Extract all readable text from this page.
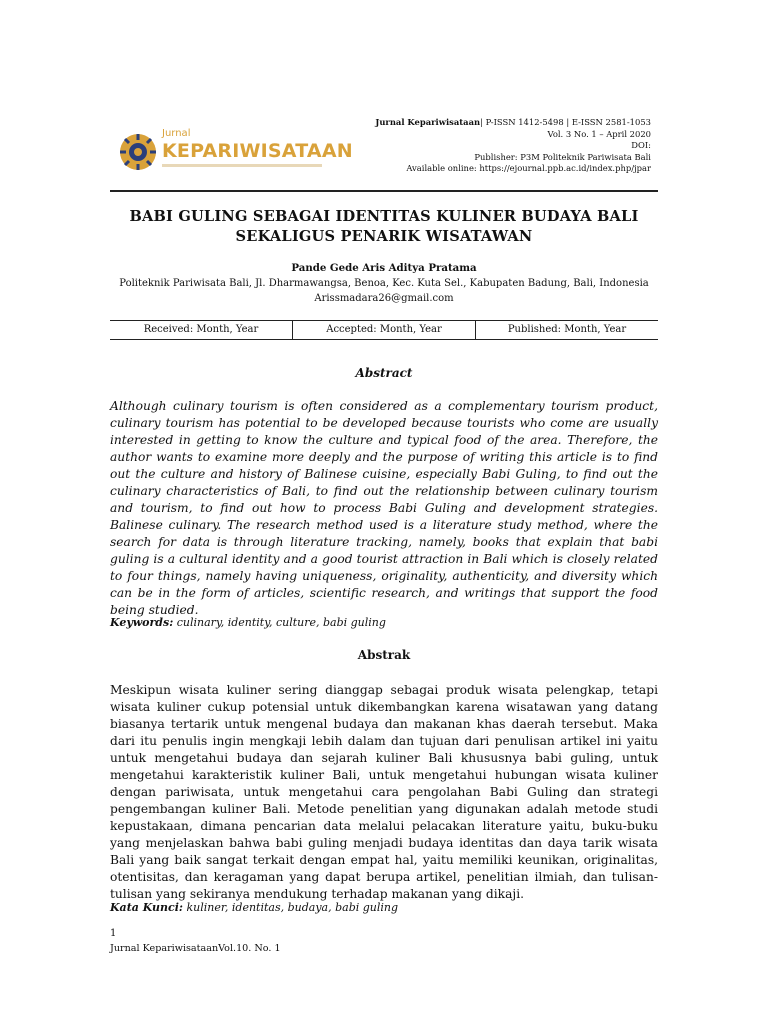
Jurnal
KEPARIWISATAAN
Jurnal Kepariwisataan| P-ISSN 1412-5498 | E-ISSN 2581-1053
Vol. 3 No. 1 – April 2020
DOI:
Publisher: P3M Politeknik Pariwisata Bali
Available online: https://ejournal.ppb.ac.id/index.php/jpar
BABI GULING SEBAGAI IDENTITAS KULINER BUDAYA BALI
SEKALIGUS PENARIK WISATAWAN
Pande Gede Aris Aditya Pratama
Politeknik Pariwisata Bali, Jl. Dharmawangsa, Benoa, Kec. Kuta Sel., Kabupaten Badung, Bali, Indonesia
Arissmadara26@gmail.com
Received: Month, Year	Accepted: Month, Year	Published: Month, Year
Abstract
Although culinary tourism is often considered as a complementary tourism product, culinary tourism has potential to be developed because tourists who come are usually interested in getting to know the culture and typical food of the area. Therefore, the author wants to examine more deeply and the purpose of writing this article is to find out the culture and history of Balinese cuisine, especially Babi Guling, to find out the culinary characteristics of Bali, to find out the relationship between culinary tourism and tourism, to find out how to process Babi Guling and development strategies. Balinese culinary. The research method used is a literature study method, where the search for data is through literature tracking, namely, books that explain that babi guling is a cultural identity and a good tourist attraction in Bali which is closely related to four things, namely having uniqueness, originality, authenticity, and diversity which can be in the form of articles, scientific research, and writings that support the food being studied.
Keywords: culinary, identity, culture, babi guling
Abstrak
Meskipun wisata kuliner sering dianggap sebagai produk wisata pelengkap, tetapi wisata kuliner cukup potensial untuk dikembangkan karena wisatawan yang datang biasanya tertarik untuk mengenal budaya dan makanan khas daerah tersebut. Maka dari itu penulis ingin mengkaji lebih dalam dan tujuan dari penulisan artikel ini yaitu untuk mengetahui budaya dan sejarah kuliner Bali khususnya babi guling, untuk mengetahui karakteristik kuliner Bali, untuk mengetahui hubungan wisata kuliner dengan pariwisata, untuk mengetahui cara pengolahan Babi Guling dan strategi pengembangan kuliner Bali. Metode penelitian yang digunakan adalah metode studi kepustakaan, dimana pencarian data melalui pelacakan literature yaitu, buku-buku yang menjelaskan bahwa babi guling menjadi budaya identitas dan daya tarik wisata Bali yang baik sangat terkait dengan empat hal, yaitu memiliki keunikan, originalitas, otentisitas, dan keragaman yang dapat berupa artikel, penelitian ilmiah, dan tulisan-tulisan yang sekiranya mendukung terhadap makanan yang dikaji.
Kata Kunci: kuliner, identitas, budaya, babi guling
1
Jurnal KepariwisataanVol.10. No. 1
